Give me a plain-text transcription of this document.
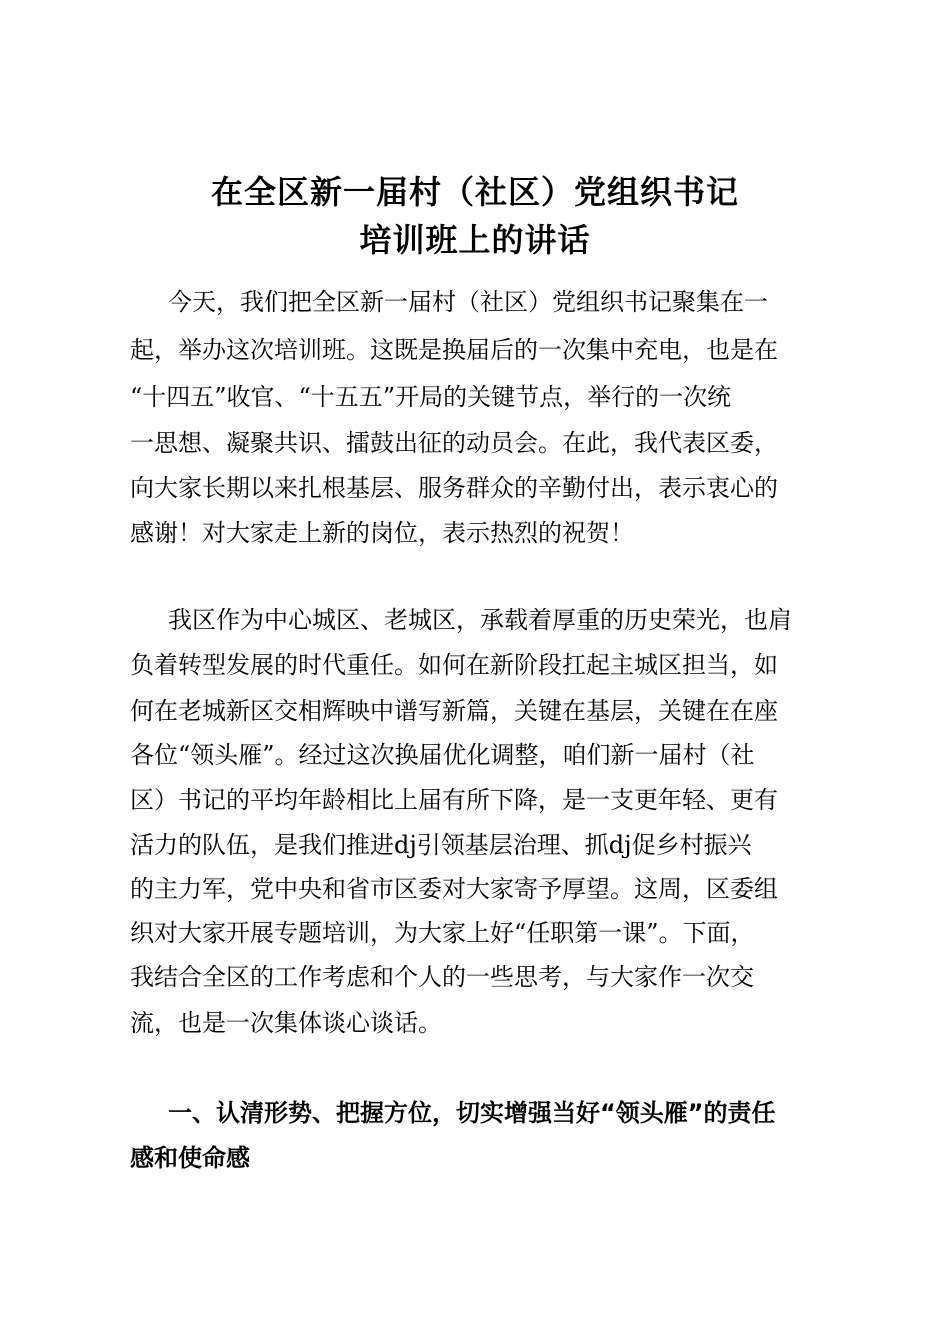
在全区新一届村（社区）党组织书记
培训班上的讲话
今天，我们把全区新一届村（社区）党组织书记聚集在一
起，举办这次培训班。这既是换届后的一次集中充电，也是在
“十四五”收官、“十五五”开局的关键节点，举行的一次统
一思想、凝聚共识、擂鼓出征的动员会。在此，我代表区委，
向大家长期以来扎根基层、服务群众的辛勤付出，表示衷心的
感谢！对大家走上新的岗位，表示热烈的祝贺！
我区作为中心城区、老城区，承载着厚重的历史荣光，也肩
负着转型发展的时代重任。如何在新阶段扛起主城区担当，如
何在老城新区交相辉映中谱写新篇，关键在基层，关键在在座
各位“领头雁”。经过这次换届优化调整，咱们新一届村（社
区）书记的平均年龄相比上届有所下降，是一支更年轻、更有
活力的队伍，是我们推进dj引领基层治理、抓dj促乡村振兴
的主力军，党中央和省市区委对大家寄予厚望。这周，区委组
织对大家开展专题培训，为大家上好“任职第一课”。下面，
我结合全区的工作考虑和个人的一些思考，与大家作一次交
流，也是一次集体谈心谈话。
一、认清形势、把握方位，切实增强当好“领头雁”的责任
感和使命感
